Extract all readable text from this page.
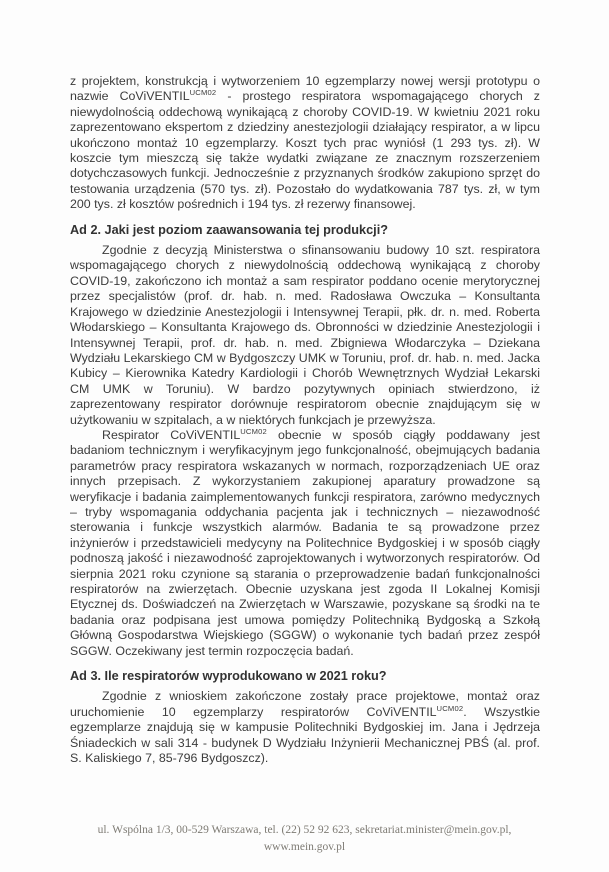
z projektem, konstrukcją i wytworzeniem 10 egzemplarzy nowej wersji prototypu o nazwie CoViVENTIL$^{UCM02}$ - prostego respiratora wspomagającego chorych z niewydolnością oddechową wynikającą z choroby COVID-19. W kwietniu 2021 roku zaprezentowano ekspertom z dziedziny anestezjologii działający respirator, a w lipcu ukończono montaż 10 egzemplarzy. Koszt tych prac wyniósł (1 293 tys. zł). W koszcie tym mieszczą się także wydatki związane ze znacznym rozszerzeniem dotychczasowych funkcji. Jednocześnie z przyznanych środków zakupiono sprzęt do testowania urządzenia (570 tys. zł). Pozostało do wydatkowania 787 tys. zł, w tym 200 tys. zł kosztów pośrednich i 194 tys. zł rezerwy finansowej.

Ad 2. Jaki jest poziom zaawansowania tej produkcji?

Zgodnie z decyzją Ministerstwa o sfinansowaniu budowy 10 szt. respiratora wspomagającego chorych z niewydolnością oddechową wynikającą z choroby COVID-19, zakończono ich montaż a sam respirator poddano ocenie merytorycznej przez specjalistów (prof. dr. hab. n. med. Radosława Owczuka – Konsultanta Krajowego w dziedzinie Anestezjologii i Intensywnej Terapii, płk. dr. n. med. Roberta Włodarskiego – Konsultanta Krajowego ds. Obronności w dziedzinie Anestezjologii i Intensywnej Terapii, prof. dr. hab. n. med. Zbigniewa Włodarczyka – Dziekana Wydziału Lekarskiego CM w Bydgoszczy UMK w Toruniu, prof. dr. hab. n. med. Jacka Kubicy – Kierownika Katedry Kardiologii i Chorób Wewnętrznych Wydział Lekarski CM UMK w Toruniu). W bardzo pozytywnych opiniach stwierdzono, iż zaprezentowany respirator dorównuje respiratorom obecnie znajdującym się w użytkowaniu w szpitalach, a w niektórych funkcjach je przewyższa.

Respirator CoViVENTIL$^{UCM02}$ obecnie w sposób ciągły poddawany jest badaniom technicznym i weryfikacyjnym jego funkcjonalność, obejmujących badania parametrów pracy respiratora wskazanych w normach, rozporządzeniach UE oraz innych przepisach. Z wykorzystaniem zakupionej aparatury prowadzone są weryfikacje i badania zaimplementowanych funkcji respiratora, zarówno medycznych – tryby wspomagania oddychania pacjenta jak i technicznych – niezawodność sterowania i funkcje wszystkich alarmów. Badania te są prowadzone przez inżynierów i przedstawicieli medycyny na Politechnice Bydgoskiej i w sposób ciągły podnoszą jakość i niezawodność zaprojektowanych i wytworzonych respiratorów. Od sierpnia 2021 roku czynione są starania o przeprowadzenie badań funkcjonalności respiratorów na zwierzętach. Obecnie uzyskana jest zgoda II Lokalnej Komisji Etycznej ds. Doświadczeń na Zwierzętach w Warszawie, pozyskane są środki na te badania oraz podpisana jest umowa pomiędzy Politechniką Bydgoską a Szkołą Główną Gospodarstwa Wiejskiego (SGGW) o wykonanie tych badań przez zespół SGGW. Oczekiwany jest termin rozpoczęcia badań.

Ad 3. Ile respiratorów wyprodukowano w 2021 roku?

Zgodnie z wnioskiem zakończone zostały prace projektowe, montaż oraz uruchomienie 10 egzemplarzy respiratorów CoViVENTIL$^{UCM02}$. Wszystkie egzemplarze znajdują się w kampusie Politechniki Bydgoskiej im. Jana i Jędrzeja Śniadeckich w sali 314 - budynek D Wydziału Inżynierii Mechanicznej PBŚ (al. prof. S. Kaliskiego 7, 85-796 Bydgoszcz).

ul. Wspólna 1/3, 00-529 Warszawa, tel. (22) 52 92 623, sekretariat.minister@mein.gov.pl,
www.mein.gov.pl
